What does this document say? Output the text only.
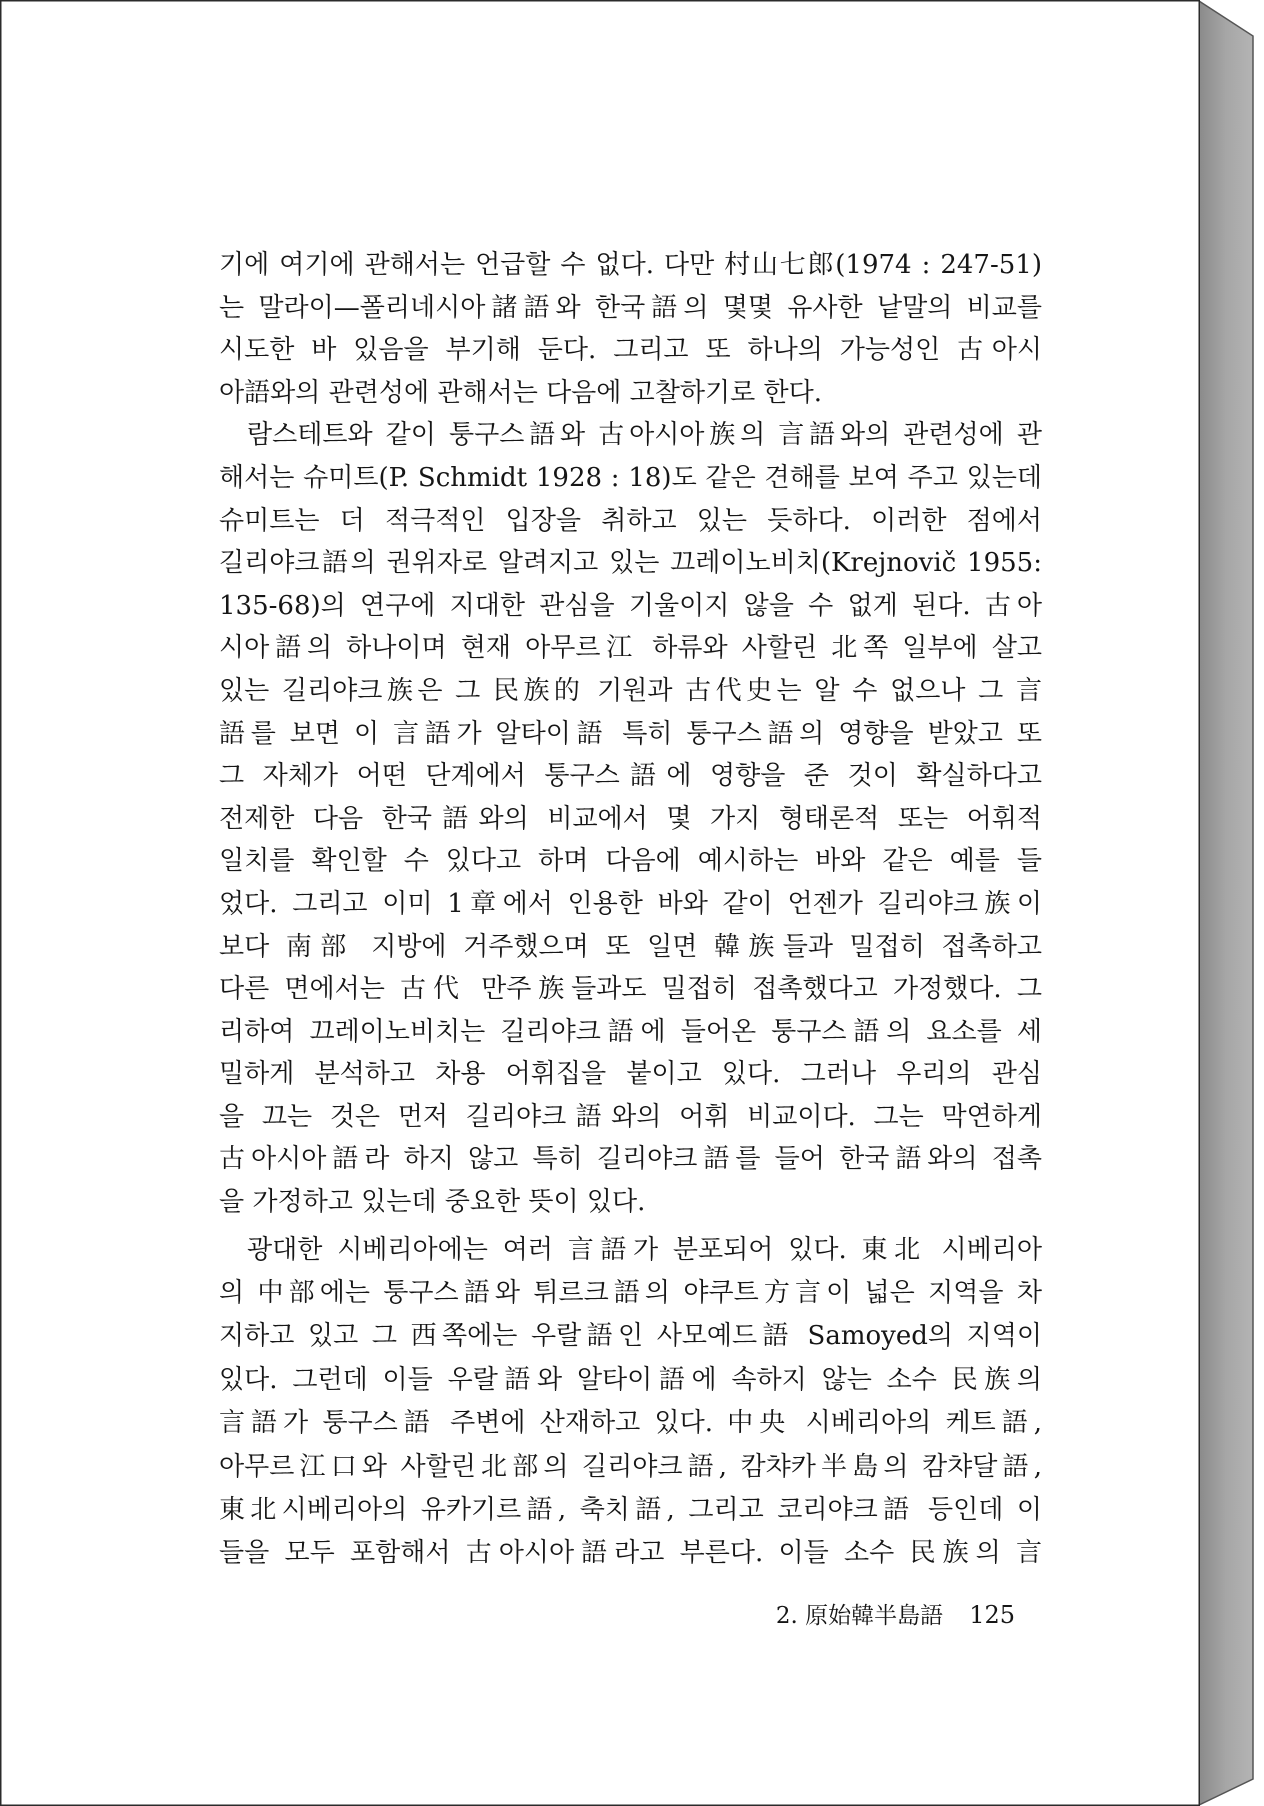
기에 여기에 관해서는 언급할 수 없다. 다만 村山七郎(1974 : 247-51)
는 말라이—폴리네시아諸語와 한국語의 몇몇 유사한 낱말의 비교를
시도한 바 있음을 부기해 둔다. 그리고 또 하나의 가능성인 古아시
아語와의 관련성에 관해서는 다음에 고찰하기로 한다.
람스테트와 같이 퉁구스語와 古아시아族의 言語와의 관련성에 관
해서는 슈미트(P. Schmidt 1928 : 18)도 같은 견해를 보여 주고 있는데
슈미트는 더 적극적인 입장을 취하고 있는 듯하다. 이러한 점에서
길리야크語의 권위자로 알려지고 있는 끄레이노비치(Krejnovič 1955:
135-68)의 연구에 지대한 관심을 기울이지 않을 수 없게 된다. 古아
시아語의 하나이며 현재 아무르江 하류와 사할린 北쪽 일부에 살고
있는 길리야크族은 그 民族的 기원과 古代史는 알 수 없으나 그 言
語를 보면 이 言語가 알타이語 특히 퉁구스語의 영향을 받았고 또
그 자체가 어떤 단계에서 퉁구스語에 영향을 준 것이 확실하다고
전제한 다음 한국語와의 비교에서 몇 가지 형태론적 또는 어휘적
일치를 확인할 수 있다고 하며 다음에 예시하는 바와 같은 예를 들
었다. 그리고 이미 1章에서 인용한 바와 같이 언젠가 길리야크族이
보다 南部 지방에 거주했으며 또 일면 韓族들과 밀접히 접촉하고
다른 면에서는 古代 만주族들과도 밀접히 접촉했다고 가정했다. 그
리하여 끄레이노비치는 길리야크語에 들어온 퉁구스語의 요소를 세
밀하게 분석하고 차용 어휘집을 붙이고 있다. 그러나 우리의 관심
을 끄는 것은 먼저 길리야크語와의 어휘 비교이다. 그는 막연하게
古아시아語라 하지 않고 특히 길리야크語를 들어 한국語와의 접촉
을 가정하고 있는데 중요한 뜻이 있다.
광대한 시베리아에는 여러 言語가 분포되어 있다. 東北 시베리아
의 中部에는 퉁구스語와 튀르크語의 야쿠트方言이 넓은 지역을 차
지하고 있고 그 西쪽에는 우랄語인 사모예드語 Samoyed의 지역이
있다. 그런데 이들 우랄語와 알타이語에 속하지 않는 소수 民族의
言語가 퉁구스語 주변에 산재하고 있다. 中央 시베리아의 케트語,
아무르江口와 사할린北部의 길리야크語, 캄챠카半島의 캄챠달語,
東北시베리아의 유카기르語, 축치語, 그리고 코리야크語 등인데 이
들을 모두 포함해서 古아시아語라고 부른다. 이들 소수 民族의 言
2. 原始韓半島語 125
